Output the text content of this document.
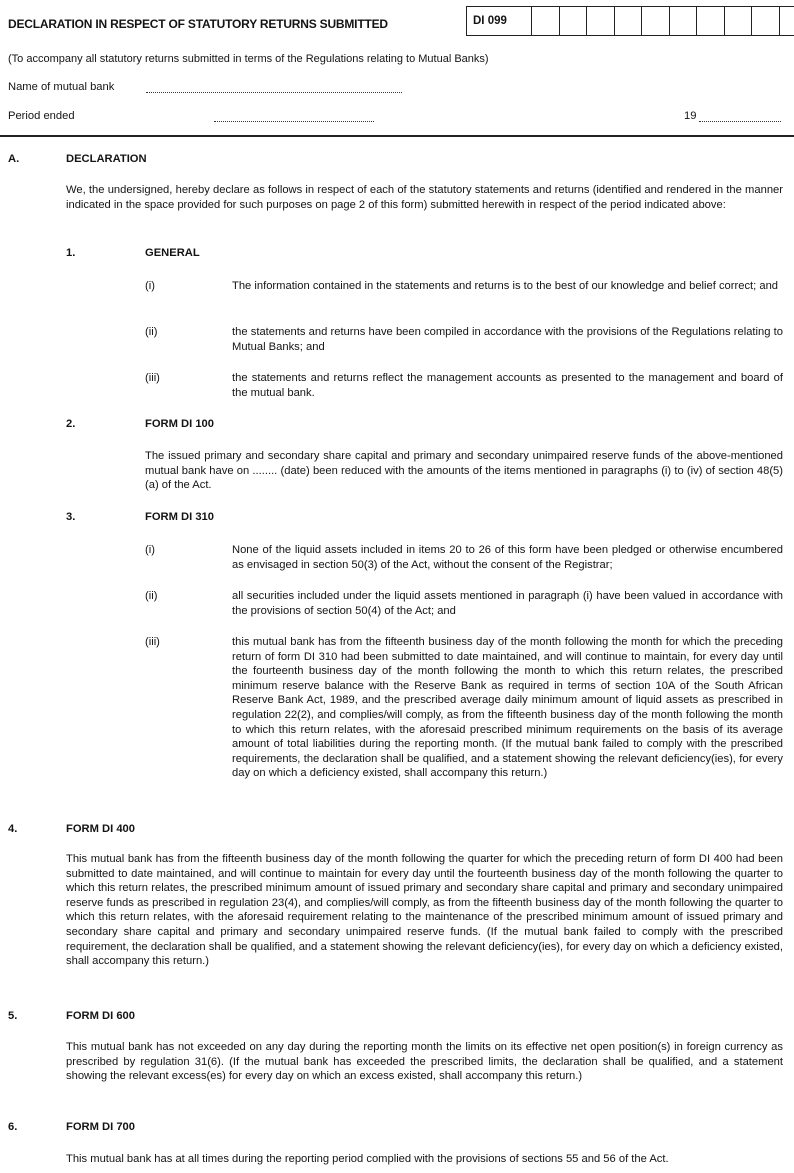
DECLARATION IN RESPECT OF STATUTORY RETURNS SUBMITTED	DI 099
(To accompany all statutory returns submitted in terms of the Regulations relating to Mutual Banks)
Name of mutual bank
Period ended	19
A.	DECLARATION
We, the undersigned, hereby declare as follows in respect of each of the statutory statements and returns (identified and rendered in the manner indicated in the space provided for such purposes on page 2 of this form) submitted herewith in respect of the period indicated above:
1.	GENERAL
(i)	The information contained in the statements and returns is to the best of our knowledge and belief correct; and
(ii)	the statements and returns have been compiled in accordance with the provisions of the Regulations relating to Mutual Banks; and
(iii)	the statements and returns reflect the management accounts as presented to the management and board of the mutual bank.
2.	FORM DI 100
The issued primary and secondary share capital and primary and secondary unimpaired reserve funds of the above-mentioned mutual bank have on ........ (date) been reduced with the amounts of the items mentioned in paragraphs (i) to (iv) of section 48(5)(a) of the Act.
3.	FORM DI 310
(i)	None of the liquid assets included in items 20 to 26 of this form have been pledged or otherwise encumbered as envisaged in section 50(3) of the Act, without the consent of the Registrar;
(ii)	all securities included under the liquid assets mentioned in paragraph (i) have been valued in accordance with the provisions of section 50(4) of the Act; and
(iii)	this mutual bank has from the fifteenth business day of the month following the month for which the preceding return of form DI 310 had been submitted to date maintained, and will continue to maintain, for every day until the fourteenth business day of the month following the month to which this return relates, the prescribed minimum reserve balance with the Reserve Bank as required in terms of section 10A of the South African Reserve Bank Act, 1989, and the prescribed average daily minimum amount of liquid assets as prescribed in regulation 22(2), and complies/will comply, as from the fifteenth business day of the month following the month to which this return relates, with the aforesaid prescribed minimum requirements on the basis of its average amount of total liabilities during the reporting month. (If the mutual bank failed to comply with the prescribed requirements, the declaration shall be qualified, and a statement showing the relevant deficiency(ies), for every day on which a deficiency existed, shall accompany this return.)
4.	FORM DI 400
This mutual bank has from the fifteenth business day of the month following the quarter for which the preceding return of form DI 400 had been submitted to date maintained, and will continue to maintain for every day until the fourteenth business day of the month following the quarter to which this return relates, the prescribed minimum amount of issued primary and secondary share capital and primary and secondary unimpaired reserve funds as prescribed in regulation 23(4), and complies/will comply, as from the fifteenth business day of the month following the quarter to which this return relates, with the aforesaid requirement relating to the maintenance of the prescribed minimum amount of issued primary and secondary share capital and primary and secondary unimpaired reserve funds. (If the mutual bank failed to comply with the prescribed requirement, the declaration shall be qualified, and a statement showing the relevant deficiency(ies), for every day on which a deficiency existed, shall accompany this return.)
5.	FORM DI 600
This mutual bank has not exceeded on any day during the reporting month the limits on its effective net open position(s) in foreign currency as prescribed by regulation 31(6). (If the mutual bank has exceeded the prescribed limits, the declaration shall be qualified, and a statement showing the relevant excess(es) for every day on which an excess existed, shall accompany this return.)
6.	FORM DI 700
This mutual bank has at all times during the reporting period complied with the provisions of sections 55 and 56 of the Act.
